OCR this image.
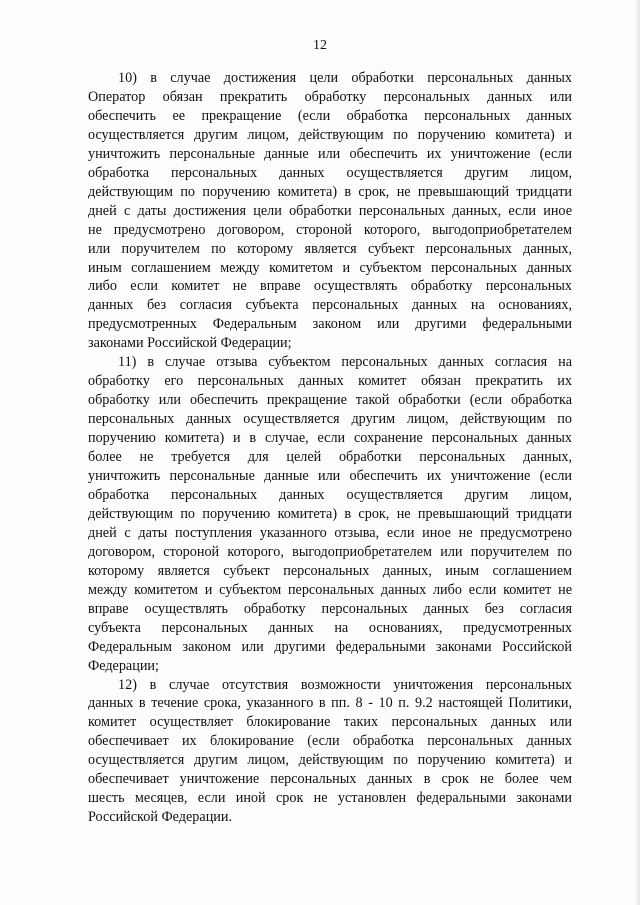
12
10) в случае достижения цели обработки персональных данных
Оператор обязан прекратить обработку персональных данных или
обеспечить ее прекращение (если обработка персональных данных
осуществляется другим лицом, действующим по поручению комитета) и
уничтожить персональные данные или обеспечить их уничтожение (если
обработка персональных данных осуществляется другим лицом,
действующим по поручению комитета) в срок, не превышающий тридцати
дней с даты достижения цели обработки персональных данных, если иное
не предусмотрено договором, стороной которого, выгодоприобретателем
или поручителем по которому является субъект персональных данных,
иным соглашением между комитетом и субъектом персональных данных
либо если комитет не вправе осуществлять обработку персональных
данных без согласия субъекта персональных данных на основаниях,
предусмотренных Федеральным законом или другими федеральными
законами Российской Федерации;
11) в случае отзыва субъектом персональных данных согласия на
обработку его персональных данных комитет обязан прекратить их
обработку или обеспечить прекращение такой обработки (если обработка
персональных данных осуществляется другим лицом, действующим по
поручению комитета) и в случае, если сохранение персональных данных
более не требуется для целей обработки персональных данных,
уничтожить персональные данные или обеспечить их уничтожение (если
обработка персональных данных осуществляется другим лицом,
действующим по поручению комитета) в срок, не превышающий тридцати
дней с даты поступления указанного отзыва, если иное не предусмотрено
договором, стороной которого, выгодоприобретателем или поручителем по
которому является субъект персональных данных, иным соглашением
между комитетом и субъектом персональных данных либо если комитет не
вправе осуществлять обработку персональных данных без согласия
субъекта персональных данных на основаниях, предусмотренных
Федеральным законом или другими федеральными законами Российской
Федерации;
12) в случае отсутствия возможности уничтожения персональных
данных в течение срока, указанного в пп. 8 - 10 п. 9.2 настоящей Политики,
комитет осуществляет блокирование таких персональных данных или
обеспечивает их блокирование (если обработка персональных данных
осуществляется другим лицом, действующим по поручению комитета) и
обеспечивает уничтожение персональных данных в срок не более чем
шесть месяцев, если иной срок не установлен федеральными законами
Российской Федерации.
